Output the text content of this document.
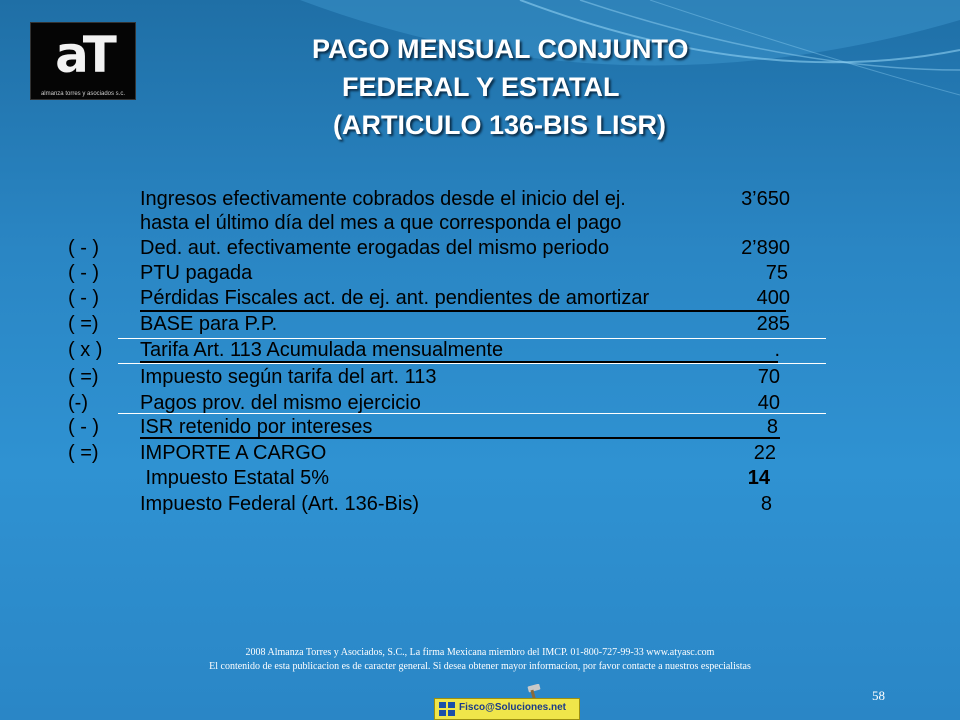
aT
almanza torres y asociados s.c.
PAGO MENSUAL CONJUNTO
FEDERAL Y ESTATAL
(ARTICULO 136-BIS LISR)
Ingresos efectivamente cobrados desde el inicio del ej.	3’650
hasta el último día del mes a que corresponda el pago
( - ) Ded. aut. efectivamente erogadas del mismo periodo	2’890
( - ) PTU pagada	75
( - ) Pérdidas Fiscales act. de ej. ant. pendientes de amortizar	400
( =) BASE para P.P.	285
( x ) Tarifa Art. 113 Acumulada mensualmente	.
( =) Impuesto según tarifa del art. 113	70
(-)	Pagos prov. del mismo ejercicio	40
( - ) ISR retenido por intereses	8
( =) IMPORTE A CARGO	22
Impuesto Estatal 5%	14
Impuesto Federal (Art. 136-Bis)	8
2008 Almanza Torres y Asociados, S.C., La firma Mexicana miembro del IMCP. 01-800-727-99-33 www.atyasc.com
El contenido de esta publicacion es de caracter general. Si desea obtener mayor informacion, por favor contacte a nuestros especialistas
58
Fisco@Soluciones.net
